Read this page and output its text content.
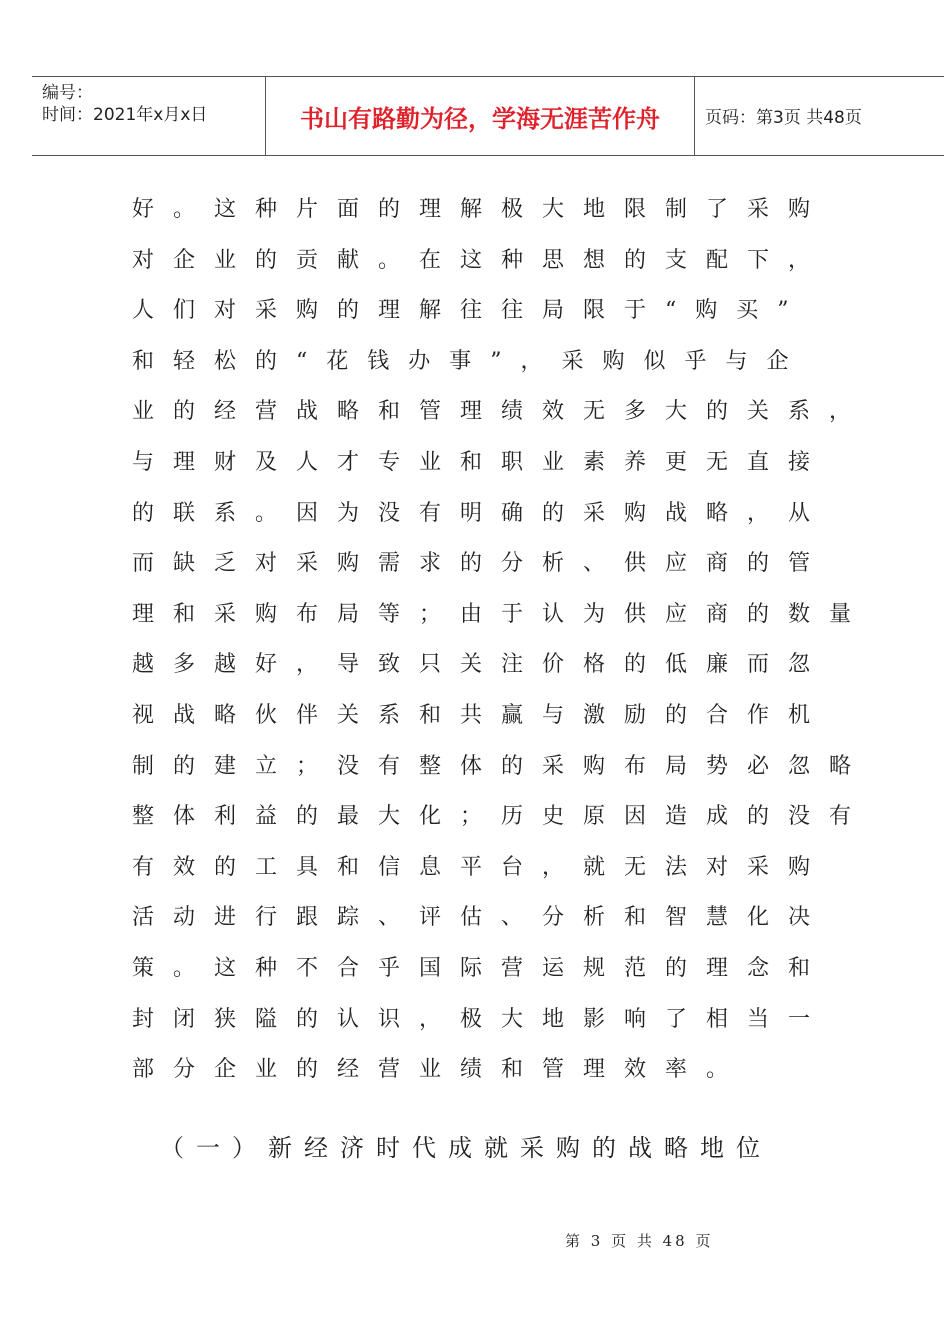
编号：
时间：2021年x月x日	书山有路勤为径，学海无涯苦作舟	页码：第3页 共48页
好。这种片面的理解极大地限制了采购
对企业的贡献。在这种思想的支配下，
人们对采购的理解往往局限于“购买”
和轻松的“花钱办事”，采购似乎与企
业的经营战略和管理绩效无多大的关系，
与理财及人才专业和职业素养更无直接
的联系。因为没有明确的采购战略，从
而缺乏对采购需求的分析、供应商的管
理和采购布局等；由于认为供应商的数量
越多越好，导致只关注价格的低廉而忽
视战略伙伴关系和共赢与激励的合作机
制的建立；没有整体的采购布局势必忽略
整体利益的最大化；历史原因造成的没有
有效的工具和信息平台，就无法对采购
活动进行跟踪、评估、分析和智慧化决
策。这种不合乎国际营运规范的理念和
封闭狭隘的认识，极大地影响了相当一
部分企业的经营业绩和管理效率。
（一）新经济时代成就采购的战略地位
第 3 页 共 48 页
